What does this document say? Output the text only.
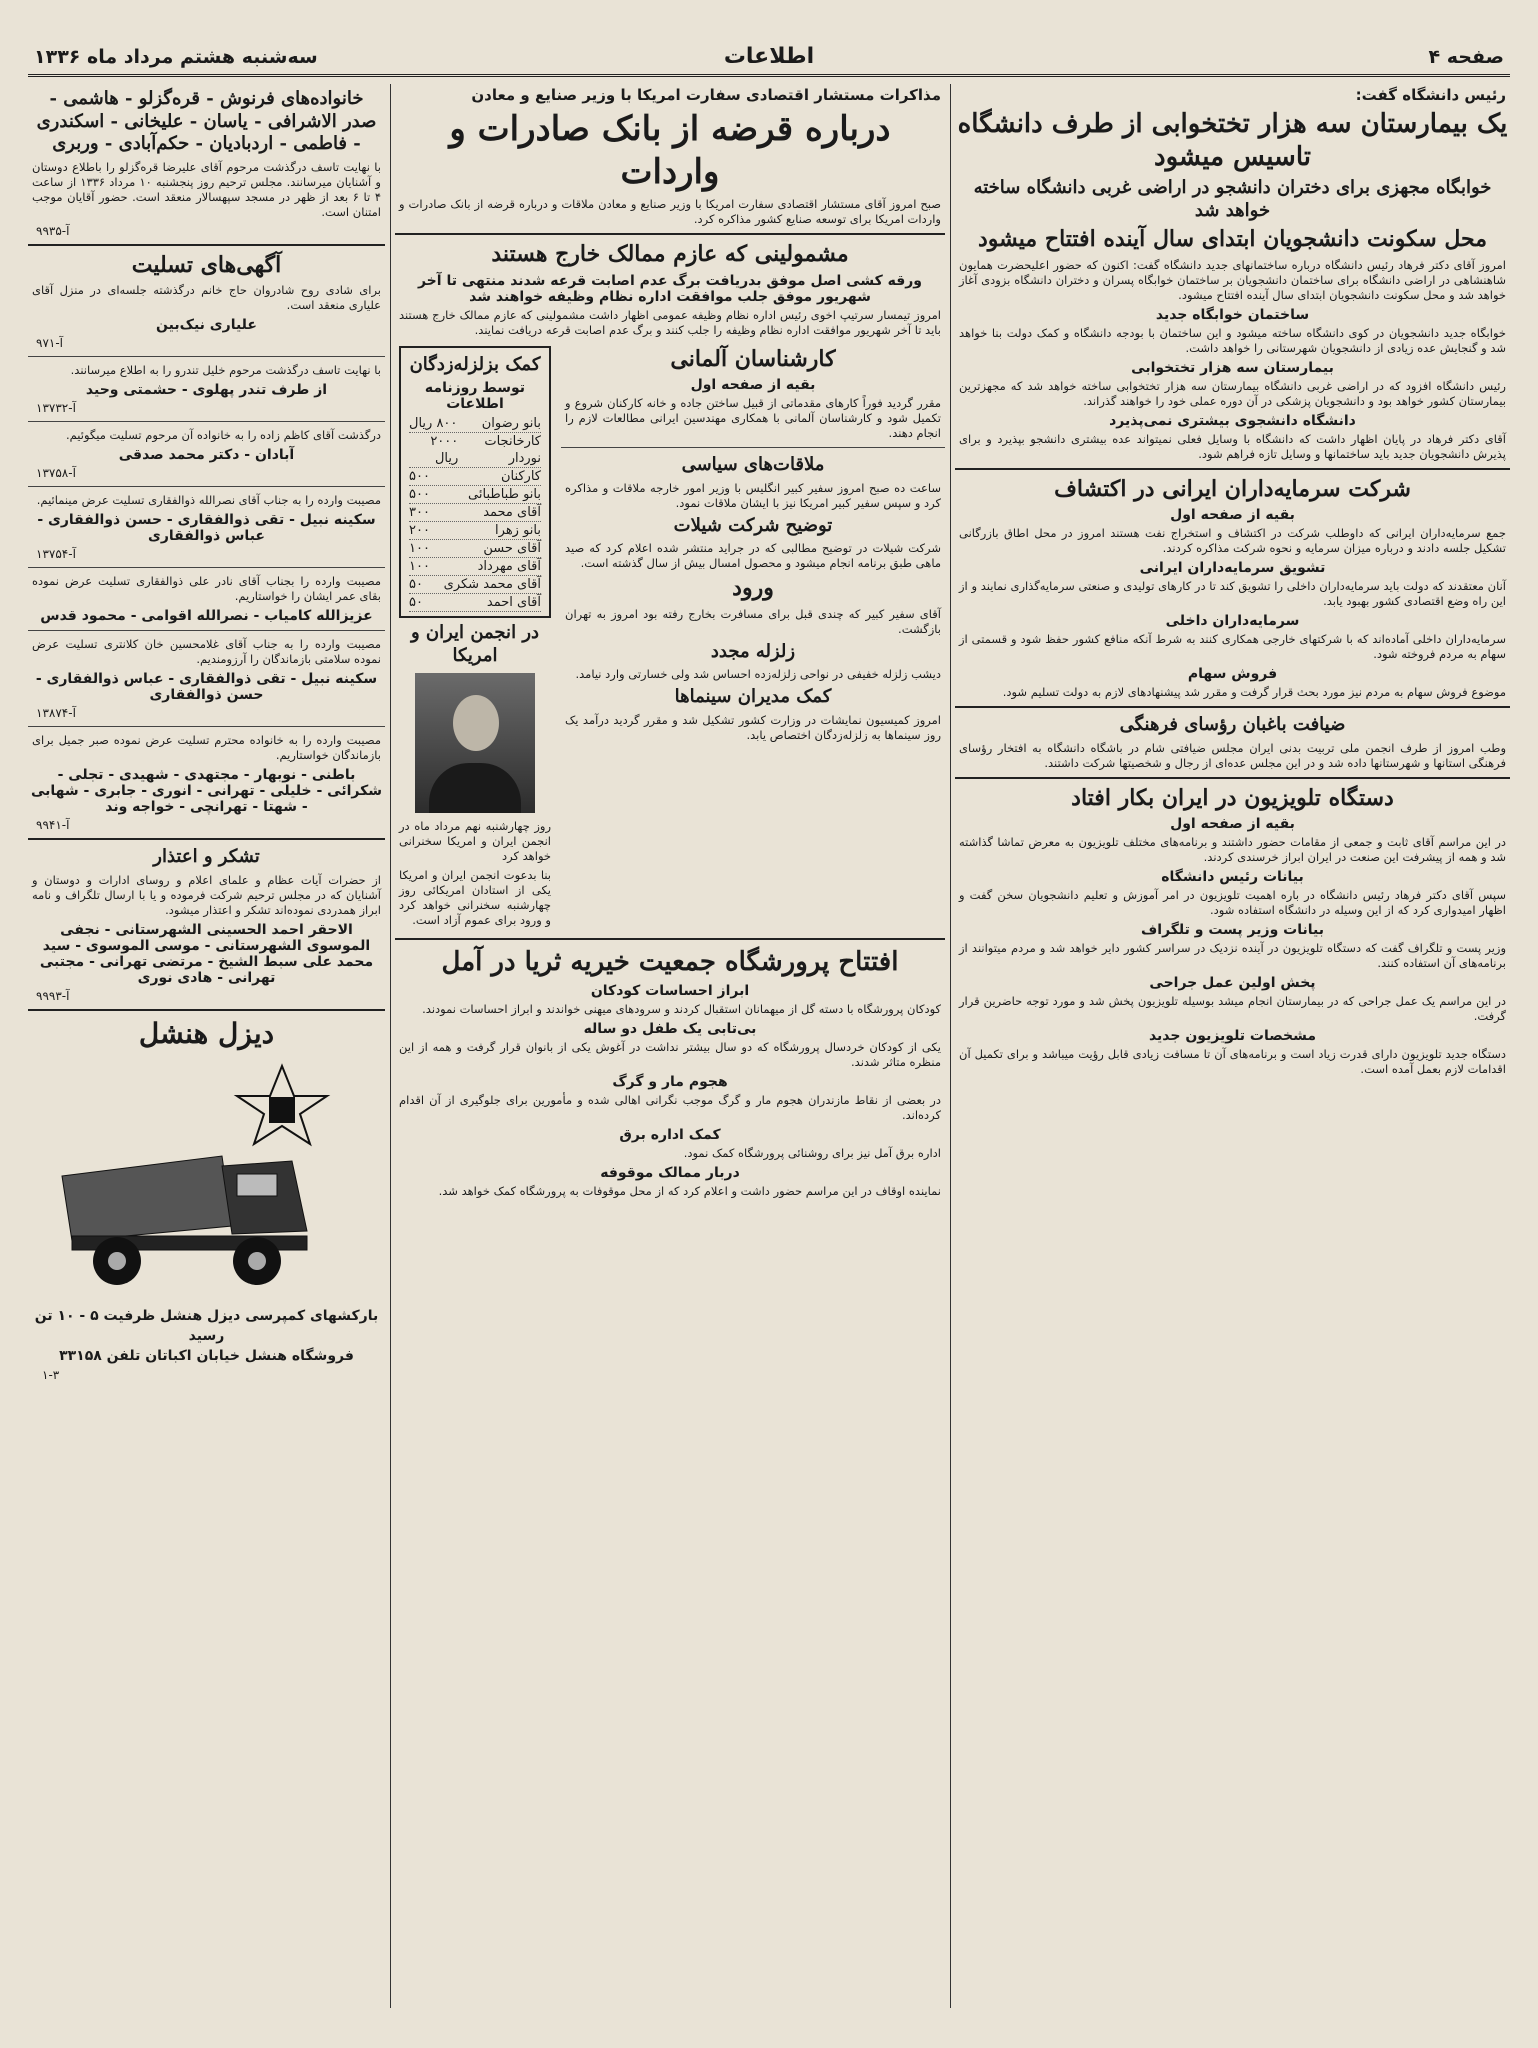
صفحه ۴
اطلاعات
سه‌شنبه هشتم مرداد ماه ۱۳۳۶
رئیس دانشگاه گفت:
یک بیمارستان سه هزار تختخوابی از طرف دانشگاه تاسیس میشود
خوابگاه مجهزی برای دختران دانشجو در اراضی غربی دانشگاه ساخته خواهد شد
محل سکونت دانشجویان ابتدای سال آینده افتتاح میشود
امروز آقای دکتر فرهاد رئیس دانشگاه درباره ساختمانهای جدید دانشگاه گفت: اکنون که حضور اعلیحضرت همایون شاهنشاهی در اراضی دانشگاه برای ساختمان دانشجویان بر ساختمان خوابگاه پسران و دختران دانشگاه بزودی آغاز خواهد شد و محل سکونت دانشجویان ابتدای سال آینده افتتاح میشود.
ساختمان خوابگاه جدید
خوابگاه جدید دانشجویان در کوی دانشگاه ساخته میشود و این ساختمان با بودجه دانشگاه و کمک دولت بنا خواهد شد و گنجایش عده زیادی از دانشجویان شهرستانی را خواهد داشت.
بیمارستان سه هزار تختخوابی
رئیس دانشگاه افزود که در اراضی غربی دانشگاه بیمارستان سه هزار تختخوابی ساخته خواهد شد که مجهزترین بیمارستان کشور خواهد بود و دانشجویان پزشکی در آن دوره عملی خود را خواهند گذراند.
دانشگاه دانشجوی بیشتری نمی‌پذیرد
آقای دکتر فرهاد در پایان اظهار داشت که دانشگاه با وسایل فعلی نمیتواند عده بیشتری دانشجو بپذیرد و برای پذیرش دانشجویان جدید باید ساختمانها و وسایل تازه فراهم شود.
شرکت سرمایه‌داران ایرانی در اکتشاف
بقیه از صفحه اول
جمع سرمایه‌داران ایرانی که داوطلب شرکت در اکتشاف و استخراج نفت هستند امروز در محل اطاق بازرگانی تشکیل جلسه دادند و درباره میزان سرمایه و نحوه شرکت مذاکره کردند.
تشویق سرمایه‌داران ایرانی
آنان معتقدند که دولت باید سرمایه‌داران داخلی را تشویق کند تا در کارهای تولیدی و صنعتی سرمایه‌گذاری نمایند و از این راه وضع اقتصادی کشور بهبود یابد.
سرمایه‌داران داخلی
سرمایه‌داران داخلی آماده‌اند که با شرکتهای خارجی همکاری کنند به شرط آنکه منافع کشور حفظ شود و قسمتی از سهام به مردم فروخته شود.
فروش سهام
موضوع فروش سهام به مردم نیز مورد بحث قرار گرفت و مقرر شد پیشنهادهای لازم به دولت تسلیم شود.
ضیافت باغبان رؤسای فرهنگی
وطب امروز از طرف انجمن ملی تربیت بدنی ایران مجلس ضیافتی شام در باشگاه دانشگاه به افتخار رؤسای فرهنگی استانها و شهرستانها داده شد و در این مجلس عده‌ای از رجال و شخصیتها شرکت داشتند.
دستگاه تلویزیون در ایران بکار افتاد
بقیه از صفحه اول
در این مراسم آقای ثابت و جمعی از مقامات حضور داشتند و برنامه‌های مختلف تلویزیون به معرض تماشا گذاشته شد و همه از پیشرفت این صنعت در ایران ابراز خرسندی کردند.
بیانات رئیس دانشگاه
سپس آقای دکتر فرهاد رئیس دانشگاه در باره اهمیت تلویزیون در امر آموزش و تعلیم دانشجویان سخن گفت و اظهار امیدواری کرد که از این وسیله در دانشگاه استفاده شود.
بیانات وزیر پست و تلگراف
وزیر پست و تلگراف گفت که دستگاه تلویزیون در آینده نزدیک در سراسر کشور دایر خواهد شد و مردم میتوانند از برنامه‌های آن استفاده کنند.
پخش اولین عمل جراحی
در این مراسم یک عمل جراحی که در بیمارستان انجام میشد بوسیله تلویزیون پخش شد و مورد توجه حاضرین قرار گرفت.
مشخصات تلویزیون جدید
دستگاه جدید تلویزیون دارای قدرت زیاد است و برنامه‌های آن تا مسافت زیادی قابل رؤیت میباشد و برای تکمیل آن اقدامات لازم بعمل آمده است.
مذاکرات مستشار اقتصادی سفارت امریکا با وزیر صنایع و معادن
درباره قرضه از بانک صادرات و واردات
صبح امروز آقای مستشار اقتصادی سفارت امریکا با وزیر صنایع و معادن ملاقات و درباره قرضه از بانک صادرات و واردات امریکا برای توسعه صنایع کشور مذاکره کرد.
مشمولینی که عازم ممالک خارج هستند
ورقه کشی اصل موفق بدریافت برگ عدم اصابت قرعه شدند منتهی تا آخر شهریور موفق جلب موافقت اداره نظام وظیفه خواهند شد
امروز تیمسار سرتیپ اخوی رئیس اداره نظام وظیفه عمومی اظهار داشت مشمولینی که عازم ممالک خارج هستند باید تا آخر شهریور موافقت اداره نظام وظیفه را جلب کنند و برگ عدم اصابت قرعه دریافت نمایند.
کارشناسان آلمانی
بقیه از صفحه اول
مقرر گردید فوراً کارهای مقدماتی از قبیل ساختن جاده و خانه کارکنان شروع و تکمیل شود و کارشناسان آلمانی با همکاری مهندسین ایرانی مطالعات لازم را انجام دهند.
ملاقات‌های سیاسی
ساعت ده صبح امروز سفیر کبیر انگلیس با وزیر امور خارجه ملاقات و مذاکره کرد و سپس سفیر کبیر امریکا نیز با ایشان ملاقات نمود.
توضیح شرکت شیلات
شرکت شیلات در توضیح مطالبی که در جراید منتشر شده اعلام کرد که صید ماهی طبق برنامه انجام میشود و محصول امسال بیش از سال گذشته است.
ورود
آقای سفیر کبیر که چندی قبل برای مسافرت بخارج رفته بود امروز به تهران بازگشت.
زلزله مجدد
دیشب زلزله خفیفی در نواحی زلزله‌زده احساس شد ولی خسارتی وارد نیامد.
کمک مدیران سینماها
امروز کمیسیون نمایشات در وزارت کشور تشکیل شد و مقرر گردید درآمد یک روز سینماها به زلزله‌زدگان اختصاص یابد.
کمک بزلزله‌زدگان
توسط روزنامه اطلاعات
بانو رضوان
۸۰۰ ریال
کارخانجات نوردار
۲۰۰۰ ریال
کارکنان
۵۰۰
بانو طباطبائی
۵۰۰
آقای محمد
۳۰۰
بانو زهرا
۲۰۰
آقای حسن
۱۰۰
آقای مهرداد
۱۰۰
آقای محمد شکری
۵۰
آقای احمد
۵۰
در انجمن ایران و امریکا
روز چهارشنبه نهم مرداد ماه در انجمن ایران و امریکا سخنرانی خواهد کرد
بنا بدعوت انجمن ایران و امریکا یکی از استادان امریکائی روز چهارشنبه سخنرانی خواهد کرد و ورود برای عموم آزاد است.
افتتاح پرورشگاه جمعیت خیریه ثریا در آمل
ابراز احساسات کودکان
کودکان پرورشگاه با دسته گل از میهمانان استقبال کردند و سرودهای میهنی خواندند و ابراز احساسات نمودند.
بی‌تابی یک طفل دو ساله
یکی از کودکان خردسال پرورشگاه که دو سال بیشتر نداشت در آغوش یکی از بانوان قرار گرفت و همه از این منظره متاثر شدند.
هجوم مار و گرگ
در بعضی از نقاط مازندران هجوم مار و گرگ موجب نگرانی اهالی شده و مأمورین برای جلوگیری از آن اقدام کرده‌اند.
کمک اداره برق
اداره برق آمل نیز برای روشنائی پرورشگاه کمک نمود.
دربار ممالک موقوفه
نماینده اوقاف در این مراسم حضور داشت و اعلام کرد که از محل موقوفات به پرورشگاه کمک خواهد شد.
خانواده‌های فرنوش - قره‌گزلو - هاشمی - صدر الاشرافی - یاسان - علیخانی - اسکندری - فاطمی - اردبادیان - حکم‌آبادی - وربری
با نهایت تاسف درگذشت مرحوم آقای علیرضا قره‌گزلو را باطلاع دوستان و آشنایان میرسانند. مجلس ترحیم روز پنجشنبه ۱۰ مرداد ۱۳۳۶ از ساعت ۴ تا ۶ بعد از ظهر در مسجد سپهسالار منعقد است. حضور آقایان موجب امتنان است.
آ-۹۹۳۵
آگهی‌های تسلیت
برای شادی روح شادروان حاج خانم درگذشته جلسه‌ای در منزل آقای علیاری منعقد است.
علیاری نیک‌بین
آ-۹۷۱
با نهایت تاسف درگذشت مرحوم خلیل تندرو را به اطلاع میرسانند.
از طرف تندر پهلوی - حشمتی وحید
آ-۱۳۷۳۲
درگذشت آقای کاظم زاده را به خانواده آن مرحوم تسلیت میگوئیم.
آبادان - دکتر محمد صدقی
آ-۱۳۷۵۸
مصیبت وارده را به جناب آقای نصرالله ذوالفقاری تسلیت عرض مینمائیم.
سکینه نبیل - تقی ذوالفقاری - حسن ذوالفقاری - عباس ذوالفقاری
آ-۱۳۷۵۴
مصیبت وارده را بجناب آقای نادر علی ذوالفقاری تسلیت عرض نموده بقای عمر ایشان را خواستاریم.
عزیزالله کامیاب - نصرالله اقوامی - محمود قدس
مصیبت وارده را به جناب آقای غلامحسین خان کلانتری تسلیت عرض نموده سلامتی بازماندگان را آرزومندیم.
سکینه نبیل - تقی ذوالفقاری - عباس ذوالفقاری - حسن ذوالفقاری
آ-۱۳۸۷۴
مصیبت وارده را به خانواده محترم تسلیت عرض نموده صبر جمیل برای بازماندگان خواستاریم.
باطنی - نوبهار - مجتهدی - شهیدی - تجلی - شکرائی - خلیلی - تهرانی - انوری - جابری - شهابی - شهتا - تهرانچی - خواجه وند
آ-۹۹۴۱
تشکر و اعتذار
از حضرات آیات عظام و علمای اعلام و روسای ادارات و دوستان و آشنایان که در مجلس ترحیم شرکت فرموده و یا با ارسال تلگراف و نامه ابراز همدردی نموده‌اند تشکر و اعتذار میشود.
الاحقر احمد الحسینی الشهرستانی - نجفی الموسوی الشهرستانی - موسی الموسوی - سید محمد علی سبط الشیخ - مرتضی تهرانی - مجتبی تهرانی - هادی نوری
آ-۹۹۹۳
دیزل هنشل
بارکشهای کمپرسی دیزل هنشل ظرفیت ۵ - ۱۰ تن رسید
فروشگاه هنشل خیابان اکباتان تلفن ۳۳۱۵۸
۱-۳
